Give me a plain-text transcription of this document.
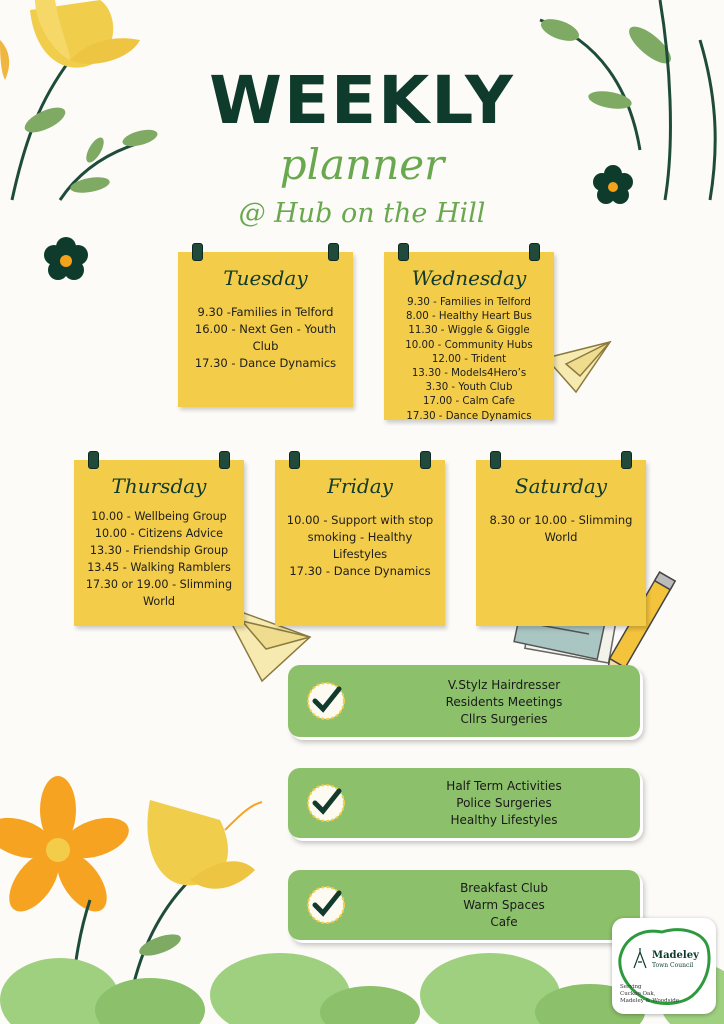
WEEKLY
planner
@ Hub on the Hill
Tuesday
9.30 -Families in Telford
16.00 - Next Gen - Youth Club
17.30 - Dance Dynamics
Wednesday
9.30 - Families in Telford
8.00 - Healthy Heart Bus
11.30 - Wiggle & Giggle
10.00 - Community Hubs
12.00 - Trident
13.30 - Models4Hero’s
3.30 - Youth Club
17.00 - Calm Cafe
17.30 - Dance Dynamics
Thursday
10.00 - Wellbeing Group
10.00 - Citizens Advice
13.30 - Friendship Group
13.45 - Walking Ramblers
17.30 or 19.00 - Slimming World
Friday
10.00 - Support with stop smoking - Healthy Lifestyles
17.30 - Dance Dynamics
Saturday
8.30 or 10.00 - Slimming World
V.Stylz Hairdresser
Residents Meetings
Cllrs Surgeries
Half Term Activities
Police Surgeries
Healthy Lifestyles
Breakfast Club
Warm Spaces
Cafe
Madeley
Town Council
Serving
Cuckoo Oak,
Madeley & Woodside
